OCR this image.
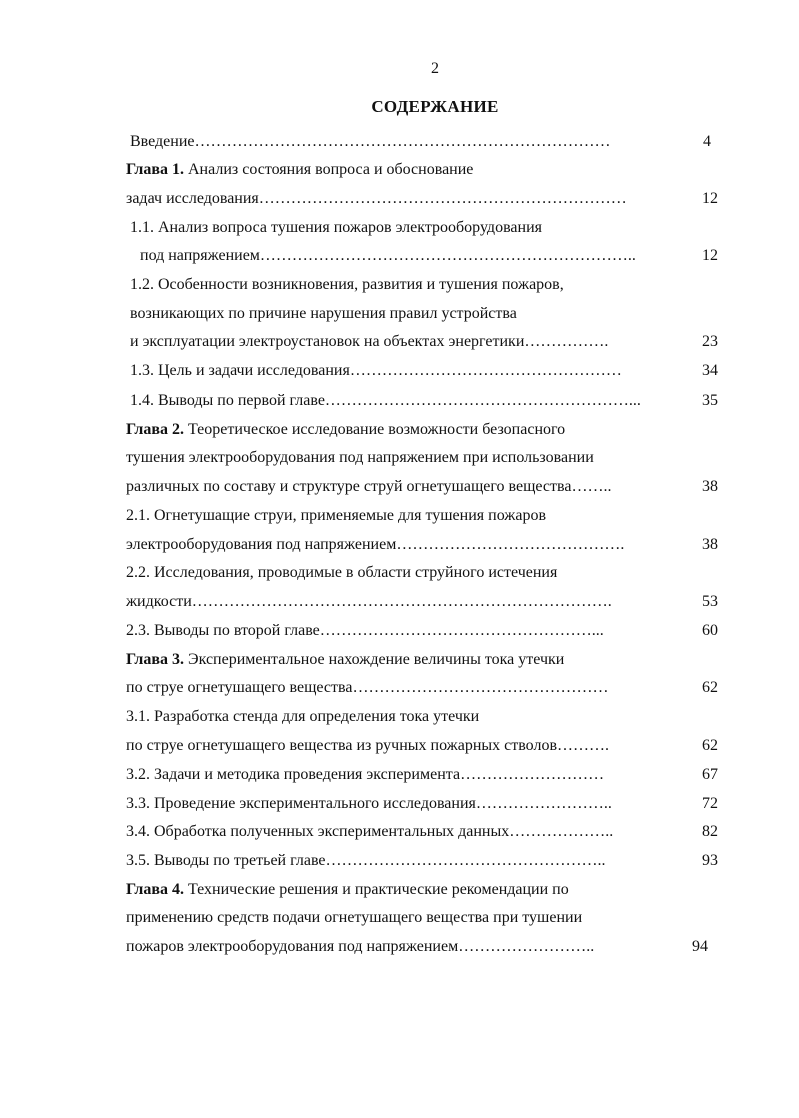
2
СОДЕРЖАНИЕ
Введение……………………………………………………………………	4
Глава 1. Анализ состояния вопроса и обоснование
задач исследования……………………………………………………………	12
1.1. Анализ вопроса тушения пожаров электрооборудования
под напряжением……………………………………………………………..	12
1.2. Особенности возникновения, развития и тушения пожаров,
возникающих по причине нарушения правил устройства
и эксплуатации электроустановок на объектах энергетики…………….	23
1.3. Цель и задачи исследования……………………………………………	34
1.4. Выводы по первой главе…………………………………………………...	35
Глава 2. Теоретическое исследование возможности безопасного
тушения электрооборудования под напряжением при использовании
различных по составу и структуре струй огнетушащего вещества……..	38
2.1. Огнетушащие струи, применяемые для тушения пожаров
электрооборудования под напряжением…………………………………….	38
2.2. Исследования, проводимые в области струйного истечения
жидкости…………………………………………………………………….	53
2.3. Выводы по второй главе……………………………………………...	60
Глава 3. Экспериментальное нахождение величины тока утечки
по струе огнетушащего вещества…………………………………………	62
3.1. Разработка стенда для определения тока утечки
по струе огнетушащего вещества из ручных пожарных стволов……….	62
3.2. Задачи и методика проведения эксперимента………………………	67
3.3. Проведение экспериментального исследования……………………..	72
3.4. Обработка полученных экспериментальных данных………………..	82
3.5. Выводы по третьей главе……………………………………………..	93
Глава 4. Технические решения и практические рекомендации по
применению средств подачи огнетушащего вещества при тушении
пожаров электрооборудования под напряжением……………………..	94
